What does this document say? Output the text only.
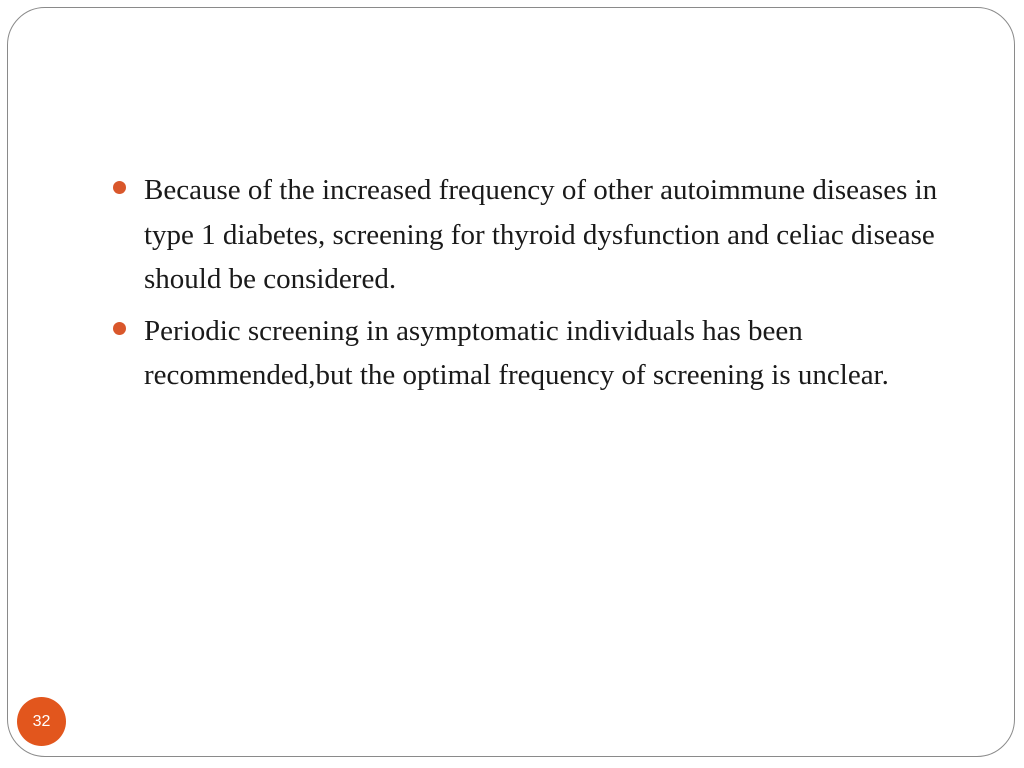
Because of the increased frequency of other autoimmune diseases in type 1 diabetes, screening for thyroid dysfunction and celiac disease should be considered.
Periodic screening in asymptomatic individuals has been recommended,but the optimal frequency of screening is unclear.
32
